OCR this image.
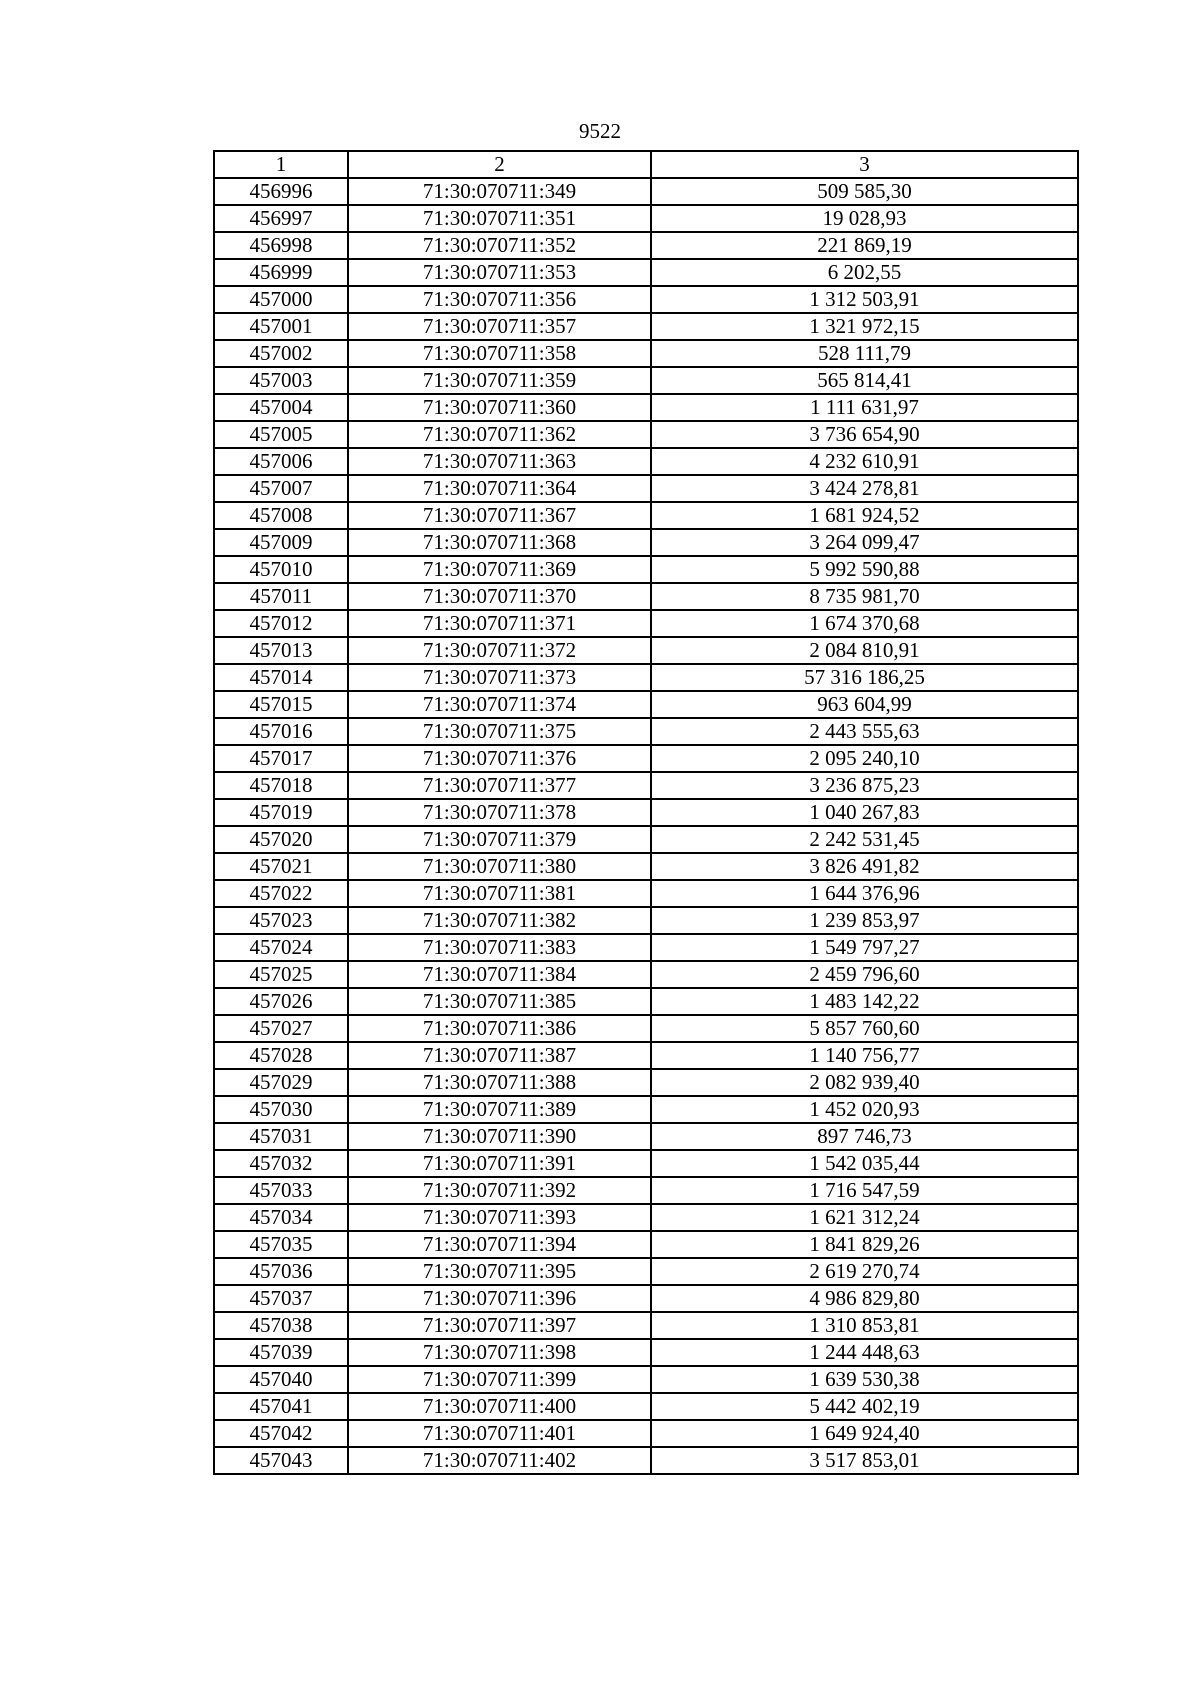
9522
1	2	3
456996	71:30:070711:349	509 585,30
456997	71:30:070711:351	19 028,93
456998	71:30:070711:352	221 869,19
456999	71:30:070711:353	6 202,55
457000	71:30:070711:356	1 312 503,91
457001	71:30:070711:357	1 321 972,15
457002	71:30:070711:358	528 111,79
457003	71:30:070711:359	565 814,41
457004	71:30:070711:360	1 111 631,97
457005	71:30:070711:362	3 736 654,90
457006	71:30:070711:363	4 232 610,91
457007	71:30:070711:364	3 424 278,81
457008	71:30:070711:367	1 681 924,52
457009	71:30:070711:368	3 264 099,47
457010	71:30:070711:369	5 992 590,88
457011	71:30:070711:370	8 735 981,70
457012	71:30:070711:371	1 674 370,68
457013	71:30:070711:372	2 084 810,91
457014	71:30:070711:373	57 316 186,25
457015	71:30:070711:374	963 604,99
457016	71:30:070711:375	2 443 555,63
457017	71:30:070711:376	2 095 240,10
457018	71:30:070711:377	3 236 875,23
457019	71:30:070711:378	1 040 267,83
457020	71:30:070711:379	2 242 531,45
457021	71:30:070711:380	3 826 491,82
457022	71:30:070711:381	1 644 376,96
457023	71:30:070711:382	1 239 853,97
457024	71:30:070711:383	1 549 797,27
457025	71:30:070711:384	2 459 796,60
457026	71:30:070711:385	1 483 142,22
457027	71:30:070711:386	5 857 760,60
457028	71:30:070711:387	1 140 756,77
457029	71:30:070711:388	2 082 939,40
457030	71:30:070711:389	1 452 020,93
457031	71:30:070711:390	897 746,73
457032	71:30:070711:391	1 542 035,44
457033	71:30:070711:392	1 716 547,59
457034	71:30:070711:393	1 621 312,24
457035	71:30:070711:394	1 841 829,26
457036	71:30:070711:395	2 619 270,74
457037	71:30:070711:396	4 986 829,80
457038	71:30:070711:397	1 310 853,81
457039	71:30:070711:398	1 244 448,63
457040	71:30:070711:399	1 639 530,38
457041	71:30:070711:400	5 442 402,19
457042	71:30:070711:401	1 649 924,40
457043	71:30:070711:402	3 517 853,01
